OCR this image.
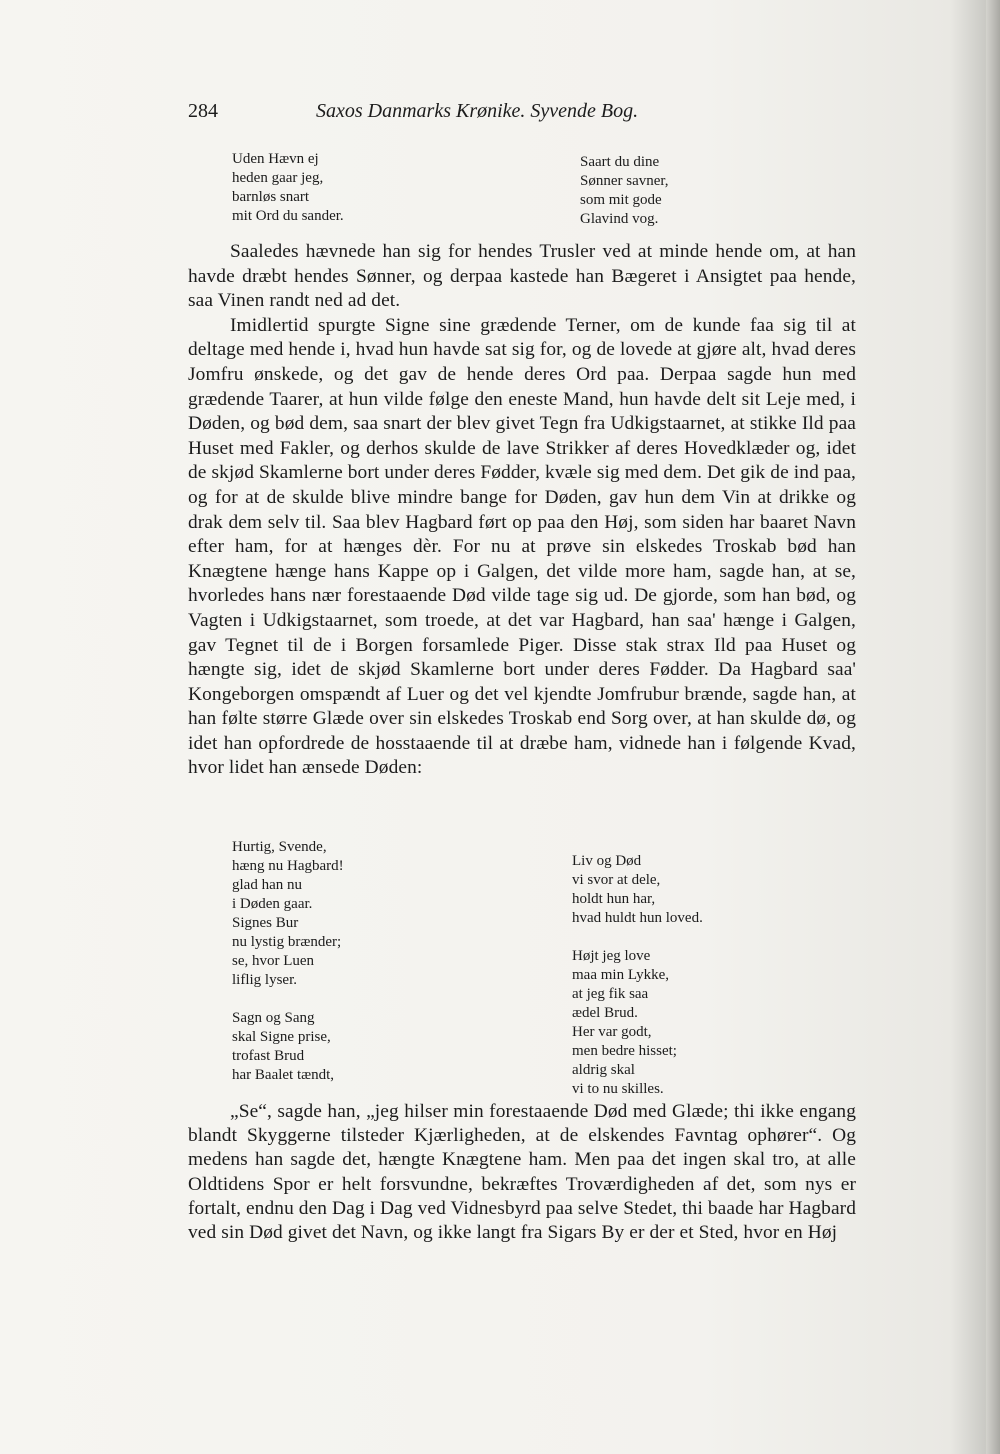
284	Saxos Danmarks Krønike. Syvende Bog.
Uden Hævn ej
heden gaar jeg,
barnløs snart
mit Ord du sander.
Saart du dine
Sønner savner,
som mit gode
Glavind vog.

Saaledes hævnede han sig for hendes Trusler ved at minde hende om, at han havde dræbt hendes Sønner, og derpaa kastede han Bægeret i Ansigtet paa hende, saa Vinen randt ned ad det.

Imidlertid spurgte Signe sine grædende Terner, om de kunde faa sig til at deltage med hende i, hvad hun havde sat sig for, og de lovede at gjøre alt, hvad deres Jomfru ønskede, og det gav de hende deres Ord paa. Derpaa sagde hun med grædende Taarer, at hun vilde følge den eneste Mand, hun havde delt sit Leje med, i Døden, og bød dem, saa snart der blev givet Tegn fra Udkigstaarnet, at stikke Ild paa Huset med Fakler, og derhos skulde de lave Strikker af deres Hovedklæder og, idet de skjød Skamlerne bort under deres Fødder, kvæle sig med dem. Det gik de ind paa, og for at de skulde blive mindre bange for Døden, gav hun dem Vin at drikke og drak dem selv til. Saa blev Hagbard ført op paa den Høj, som siden har baaret Navn efter ham, for at hænges dèr. For nu at prøve sin elskedes Troskab bød han Knægtene hænge hans Kappe op i Galgen, det vilde more ham, sagde han, at se, hvorledes hans nær forestaaende Død vilde tage sig ud. De gjorde, som han bød, og Vagten i Udkigstaarnet, som troede, at det var Hagbard, han saa' hænge i Galgen, gav Tegnet til de i Borgen forsamlede Piger. Disse stak strax Ild paa Huset og hængte sig, idet de skjød Skamlerne bort under deres Fødder. Da Hagbard saa' Kongeborgen omspændt af Luer og det vel kjendte Jomfrubur brænde, sagde han, at han følte større Glæde over sin elskedes Troskab end Sorg over, at han skulde dø, og idet han opfordrede de hosstaaende til at dræbe ham, vidnede han i følgende Kvad, hvor lidet han ænsede Døden:

Hurtig, Svende,
hæng nu Hagbard!
glad han nu
i Døden gaar.
Signes Bur
nu lystig brænder;
se, hvor Luen
liflig lyser.
Sagn og Sang
skal Signe prise,
trofast Brud
har Baalet tændt,
Liv og Død
vi svor at dele,
holdt hun har,
hvad huldt hun loved.
Højt jeg love
maa min Lykke,
at jeg fik saa
ædel Brud.
Her var godt,
men bedre hisset;
aldrig skal
vi to nu skilles.

„Se“, sagde han, „jeg hilser min forestaaende Død med Glæde; thi ikke engang blandt Skyggerne tilsteder Kjærligheden, at de elskendes Favntag ophører“. Og medens han sagde det, hængte Knægtene ham. Men paa det ingen skal tro, at alle Oldtidens Spor er helt forsvundne, bekræftes Troværdigheden af det, som nys er fortalt, endnu den Dag i Dag ved Vidnesbyrd paa selve Stedet, thi baade har Hagbard ved sin Død givet det Navn, og ikke langt fra Sigars By er der et Sted, hvor en Høj
